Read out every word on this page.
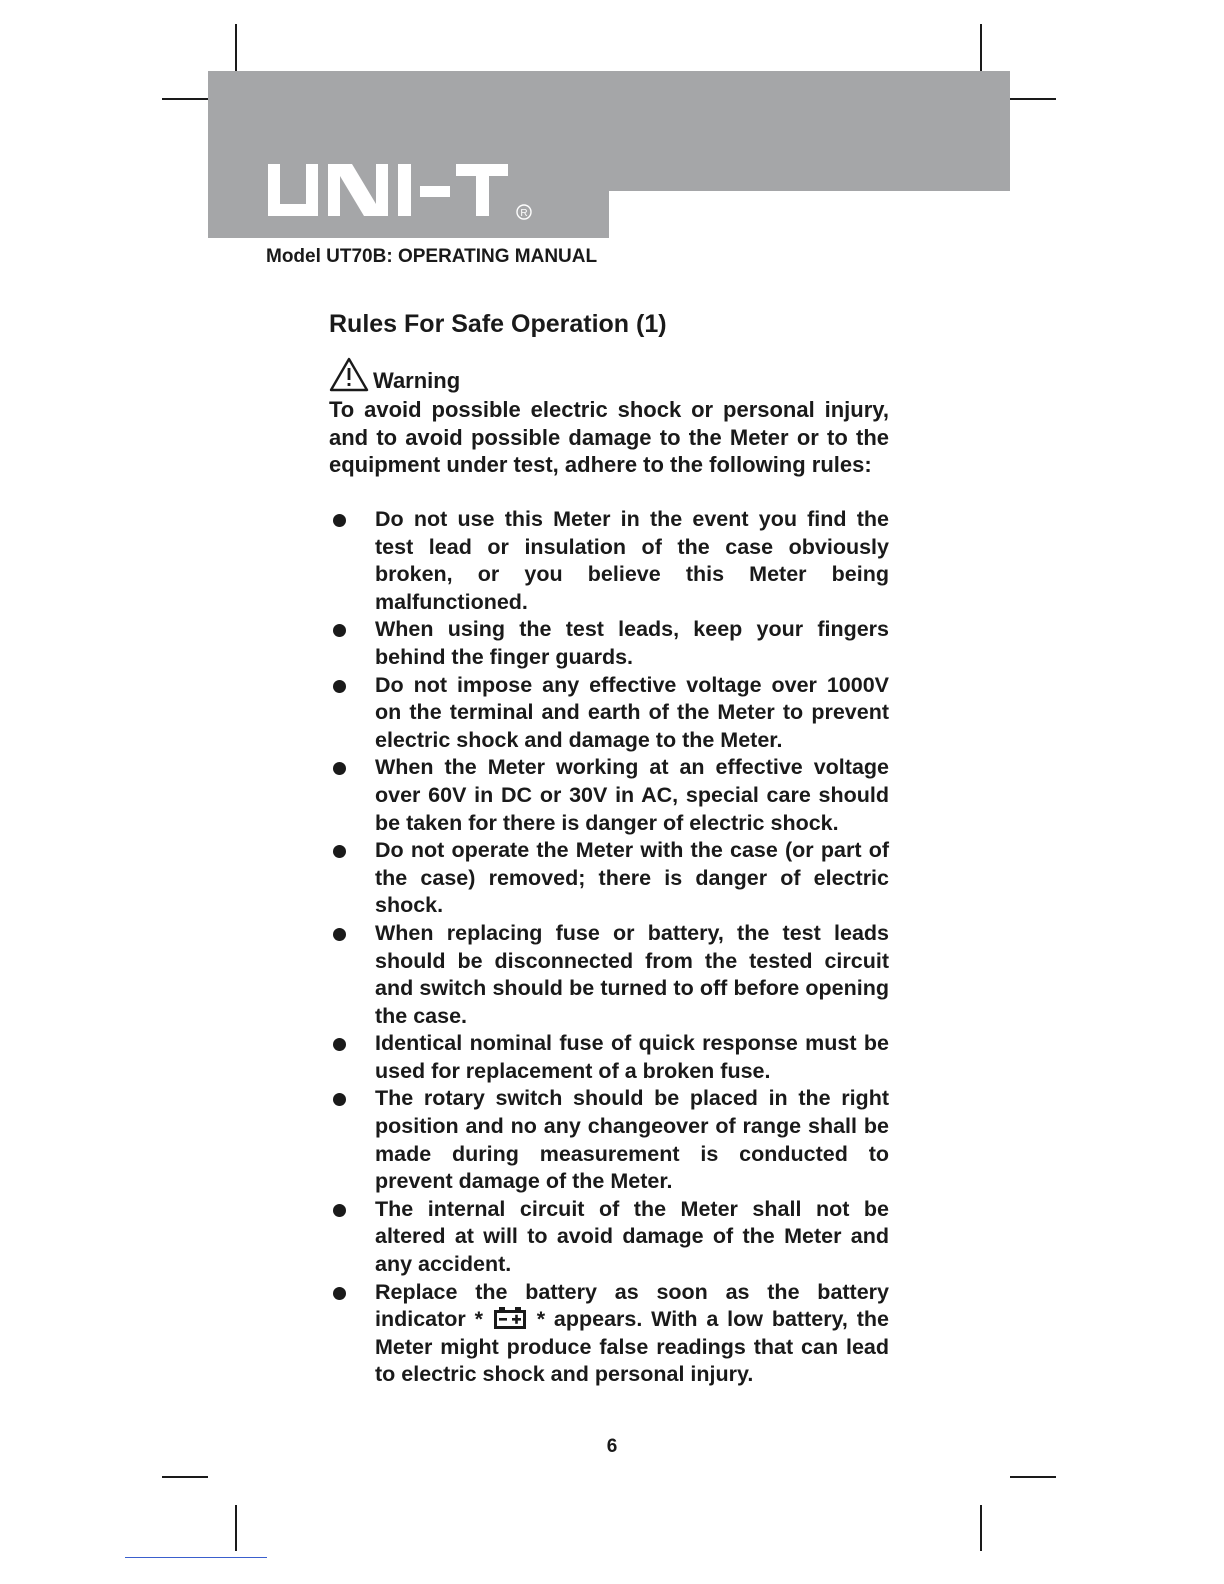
R
Model UT70B: OPERATING MANUAL
Rules For Safe Operation (1)
Warning
To avoid possible electric shock or personal injury, and to avoid possible damage to the Meter or to the equipment under test, adhere to the following rules:
Do not use this Meter in the event you find the test lead or insulation of the case obviously broken, or you believe this Meter being malfunctioned.
When using the test leads, keep your fingers behind the finger guards.
Do not impose any effective voltage over 1000V on the terminal and earth of the Meter to prevent electric shock and damage to the Meter.
When the Meter working at an effective voltage over 60V in DC or 30V in AC, special care should be taken for there is danger of electric shock.
Do not operate the Meter with the case (or part of the case) removed; there is danger of electric shock.
When replacing fuse or battery, the test leads should be disconnected from the tested circuit and switch should be turned to off before opening the case.
Identical nominal fuse of quick response must be used for replacement of a broken fuse.
The rotary switch should be placed in the right position and no any changeover of range shall be made during measurement is conducted to prevent damage of the Meter.
The internal circuit of the Meter shall not be altered at will to avoid damage of the Meter and any accident.
Replace the battery as soon as the battery indicator * * appears. With a low battery, the Meter might produce false readings that can lead to electric shock and personal injury.
6
